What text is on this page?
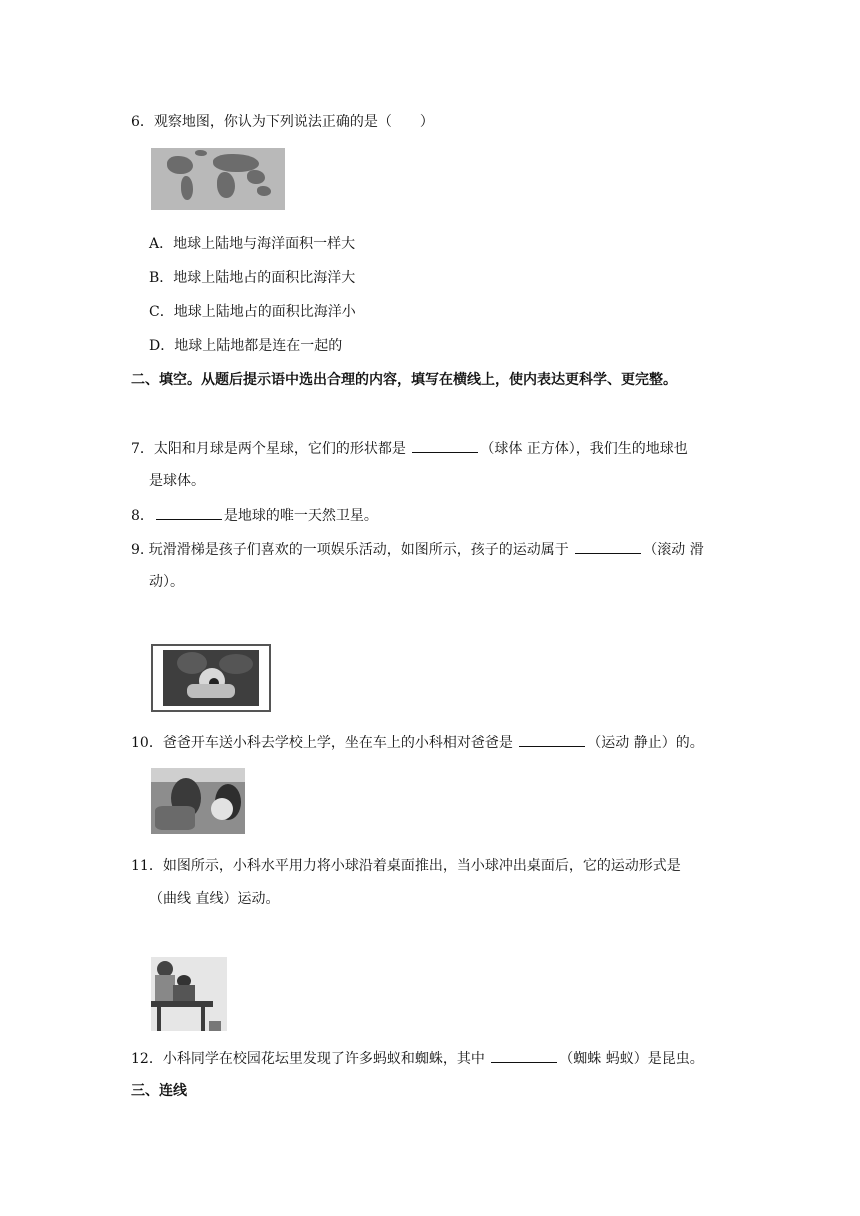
6．观察地图，你认为下列说法正确的是（　　）
A．地球上陆地与海洋面积一样大
B．地球上陆地占的面积比海洋大
C．地球上陆地占的面积比海洋小
D．地球上陆地都是连在一起的
二、填空。从题后提示语中选出合理的内容，填写在横线上，使内表达更科学、更完整。
7．太阳和月球是两个星球，它们的形状都是	（球体 正方体），我们生的地球也
是球体。
8．	是地球的唯一天然卫星。
9. 玩滑滑梯是孩子们喜欢的一项娱乐活动，如图所示，孩子的运动属于	（滚动 滑
动）。
10．爸爸开车送小科去学校上学，坐在车上的小科相对爸爸是	（运动 静止）的。
11．如图所示，小科水平用力将小球沿着桌面推出，当小球冲出桌面后，它的运动形式是
（曲线 直线）运动。
12．小科同学在校园花坛里发现了许多蚂蚁和蜘蛛，其中	（蜘蛛 蚂蚁）是昆虫。
三、连线
